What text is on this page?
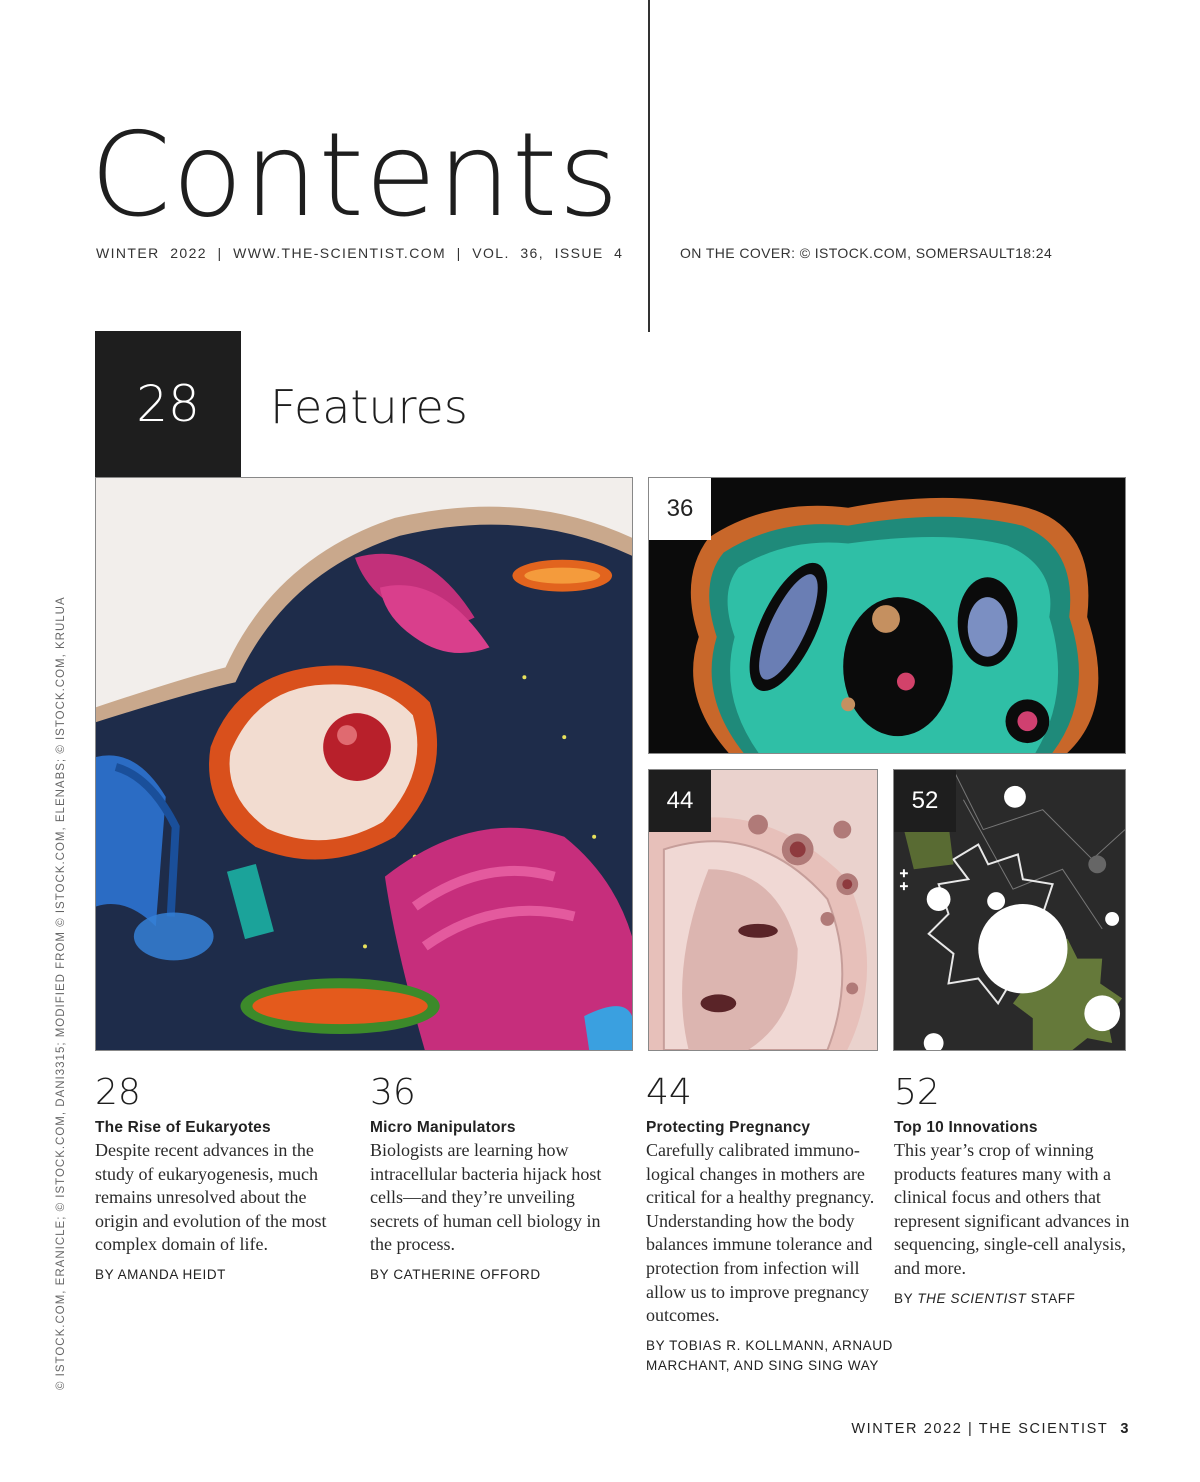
Contents
WINTER  2022  |  WWW.THE-SCIENTIST.COM  |  VOL.  36,  ISSUE  4	ON THE COVER: © ISTOCK.COM, SOMERSAULT18:24
© ISTOCK.COM, ERANICLE; © ISTOCK.COM, DANI3315; MODIFIED FROM © ISTOCK.COM, ELENABS; © ISTOCK.COM, KRULUA
28	Features
36
44	52
28
The Rise of Eukaryotes
Despite recent advances in the study of eukaryogenesis, much remains unresolved about the origin and evolution of the most complex domain of life.
BY AMANDA HEIDT
36
Micro Manipulators
Biologists are learning how intracellular bacteria hijack host cells—and they’re unveiling secrets of human cell biology in the process.
BY CATHERINE OFFORD
44
Protecting Pregnancy
Carefully calibrated immuno-logical changes in mothers are critical for a healthy pregnancy. Understanding how the body balances immune tolerance and protection from infection will allow us to improve pregnancy outcomes.
BY TOBIAS R. KOLLMANN, ARNAUD MARCHANT, AND SING SING WAY
52
Top 10 Innovations
This year’s crop of winning products features many with a clinical focus and others that represent significant advances in sequencing, single-cell analysis, and more.
BY THE SCIENTIST STAFF
WINTER 2022 | THE SCIENTIST 3
